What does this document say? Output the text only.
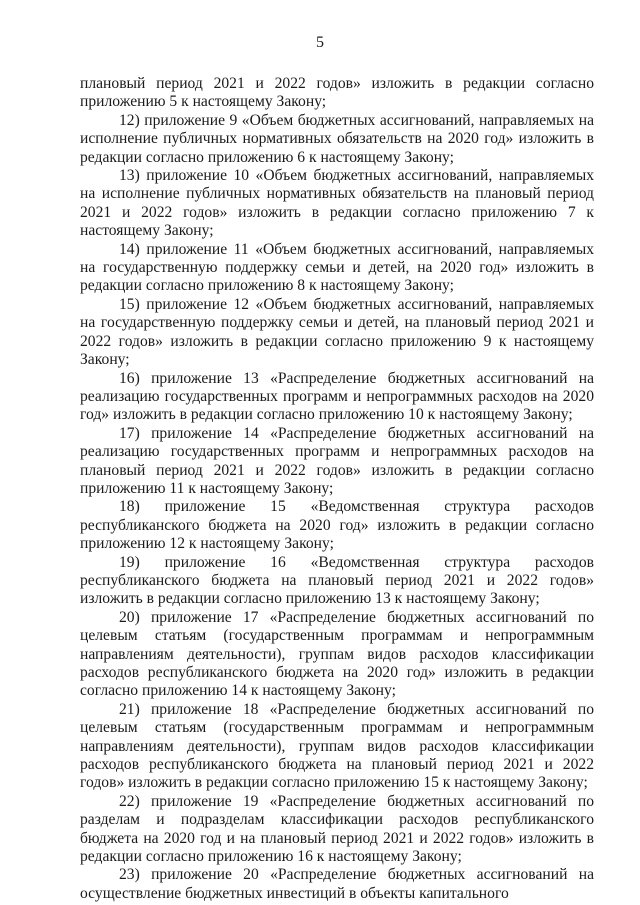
5

плановый период 2021 и 2022 годов» изложить в редакции согласно приложению 5 к настоящему Закону;

12) приложение 9 «Объем бюджетных ассигнований, направляемых на исполнение публичных нормативных обязательств на 2020 год» изложить в редакции согласно приложению 6 к настоящему Закону;

13) приложение 10 «Объем бюджетных ассигнований, направляемых на исполнение публичных нормативных обязательств на плановый период 2021 и 2022 годов» изложить в редакции согласно приложению 7 к настоящему Закону;

14) приложение 11 «Объем бюджетных ассигнований, направляемых на государственную поддержку семьи и детей, на 2020 год» изложить в редакции согласно приложению 8 к настоящему Закону;

15) приложение 12 «Объем бюджетных ассигнований, направляемых на государственную поддержку семьи и детей, на плановый период 2021 и 2022 годов» изложить в редакции согласно приложению 9 к настоящему Закону;

16) приложение 13 «Распределение бюджетных ассигнований на реализацию государственных программ и непрограммных расходов на 2020 год» изложить в редакции согласно приложению 10 к настоящему Закону;

17) приложение 14 «Распределение бюджетных ассигнований на реализацию государственных программ и непрограммных расходов на плановый период 2021 и 2022 годов» изложить в редакции согласно приложению 11 к настоящему Закону;

18) приложение 15 «Ведомственная структура расходов республиканского бюджета на 2020 год» изложить в редакции согласно приложению 12 к настоящему Закону;

19) приложение 16 «Ведомственная структура расходов республиканского бюджета на плановый период 2021 и 2022 годов» изложить в редакции согласно приложению 13 к настоящему Закону;

20) приложение 17 «Распределение бюджетных ассигнований по целевым статьям (государственным программам и непрограммным направлениям деятельности), группам видов расходов классификации расходов республиканского бюджета на 2020 год» изложить в редакции согласно приложению 14 к настоящему Закону;

21) приложение 18 «Распределение бюджетных ассигнований по целевым статьям (государственным программам и непрограммным направлениям деятельности), группам видов расходов классификации расходов республиканского бюджета на плановый период 2021 и 2022 годов» изложить в редакции согласно приложению 15 к настоящему Закону;

22) приложение 19 «Распределение бюджетных ассигнований по разделам и подразделам классификации расходов республиканского бюджета на 2020 год и на плановый период 2021 и 2022 годов» изложить в редакции согласно приложению 16 к настоящему Закону;

23) приложение 20 «Распределение бюджетных ассигнований на осуществление бюджетных инвестиций в объекты капитального
